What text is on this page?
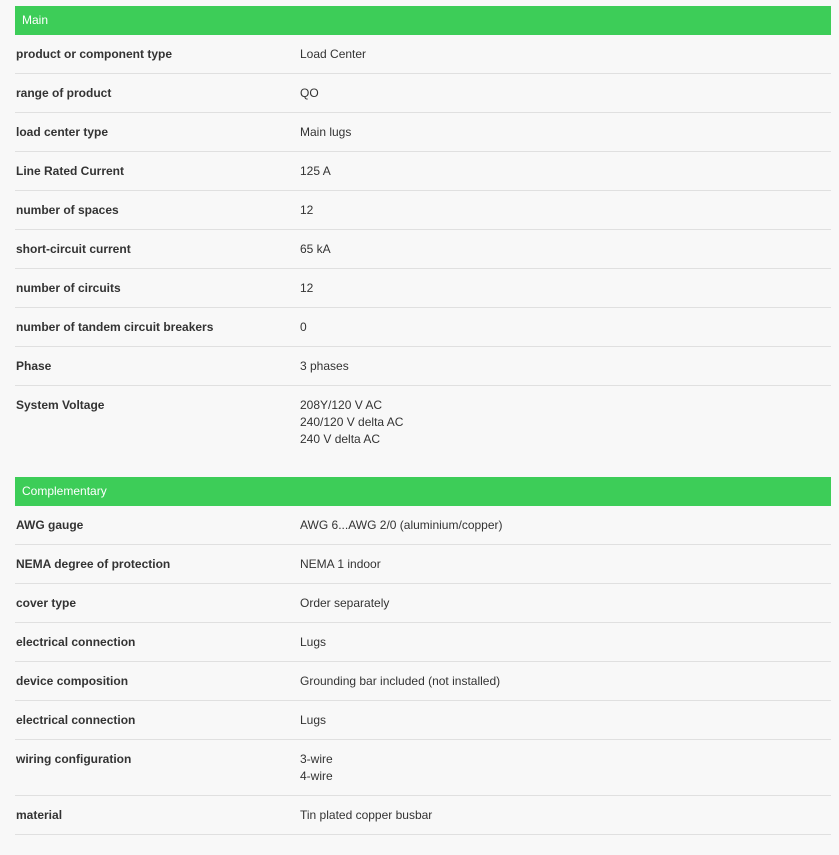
Main
product or component type	Load Center
range of product	QO
load center type	Main lugs
Line Rated Current	125 A
number of spaces	12
short-circuit current	65 kA
number of circuits	12
number of tandem circuit breakers	0
Phase	3 phases
System Voltage	208Y/120 V AC
240/120 V delta AC
240 V delta AC
Complementary
AWG gauge	AWG 6...AWG 2/0 (aluminium/copper)
NEMA degree of protection	NEMA 1 indoor
cover type	Order separately
electrical connection	Lugs
device composition	Grounding bar included (not installed)
electrical connection	Lugs
wiring configuration	3-wire
4-wire
material	Tin plated copper busbar
